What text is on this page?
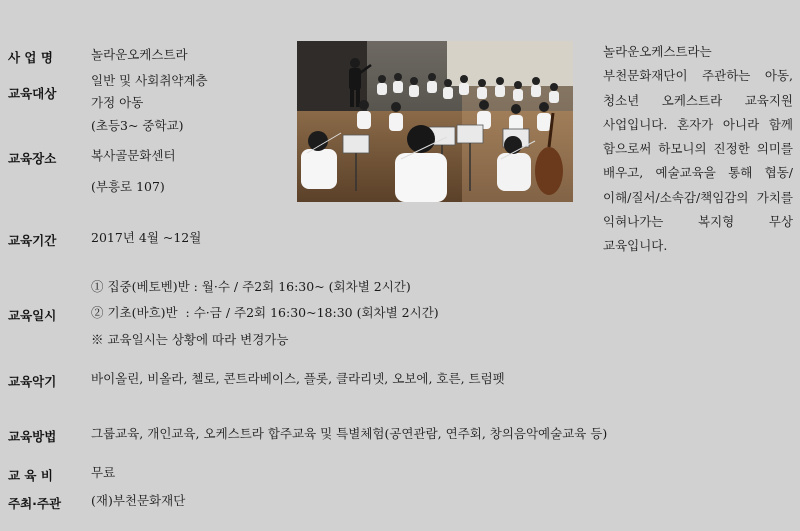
사 업 명	놀라운오케스트라
교육대상
일반 및 사회취약계층
가정 아동
(초등3~ 중학교)
교육장소	복사골문화센터
(부흥로 107)
교육기간	2017년 4월 ~12월
교육일시
① 집중(베토벤)반 : 월·수 / 주2회 16:30~ (회차별 2시간)
② 기초(바흐)반  : 수·금 / 주2회 16:30~18:30 (회차별 2시간)
※ 교육일시는 상황에 따라 변경가능
교육악기	바이올린, 비올라, 첼로, 콘트라베이스, 플롯, 클라리넷, 오보에, 호른, 트럼펫
교육방법	그룹교육, 개인교육, 오케스트라 합주교육 및 특별체험(공연관람, 연주회, 창의음악예술교육 등)
교 육 비	무료
주최·주관 (재)부천문화재단
놀라운오케스트라는 부천문화재단이 주관하는 아동, 청소년 오케스트라 교육지원 사업입니다. 혼자가 아니라 함께 함으로써 하모니의 진정한 의미를 배우고, 예술교육을 통해 협동/이해/질서/소속감/책임감의 가치를 익혀나가는 복지형 무상 교육입니다.
